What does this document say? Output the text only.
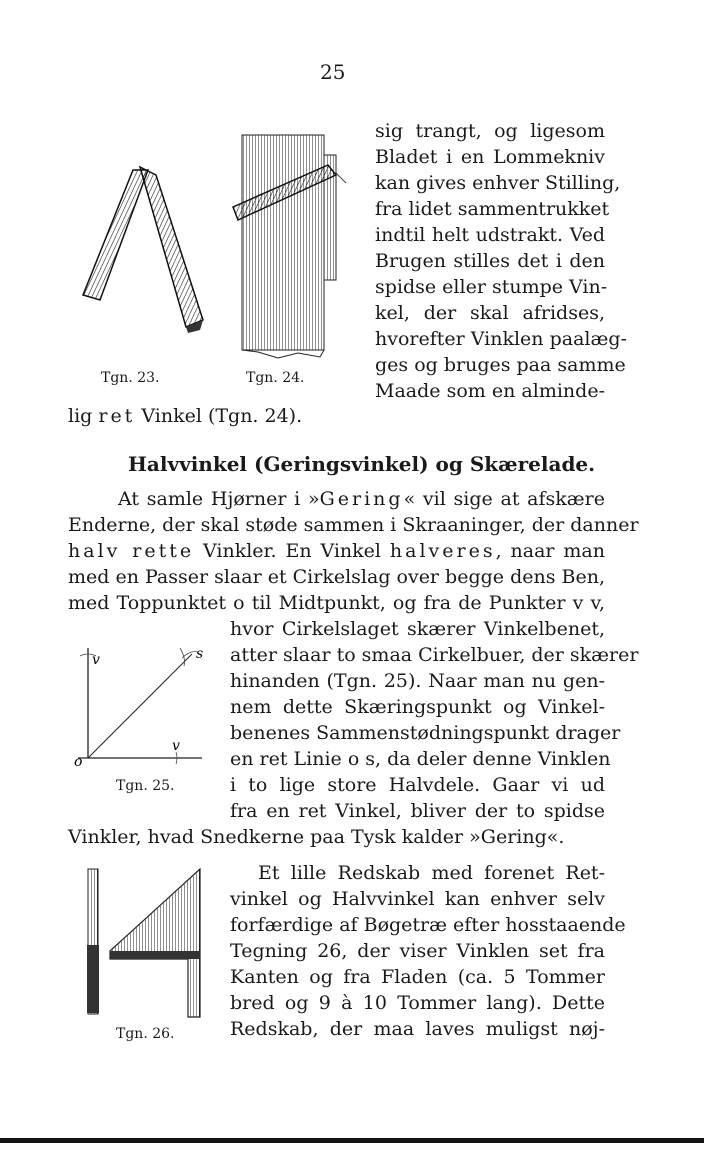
25
Tgn. 23.	Tgn. 24.
sig trangt, og ligesom
Bladet i en Lommekniv
kan gives enhver Stilling,
fra lidet sammentrukket
indtil helt udstrakt. Ved
Brugen stilles det i den
spidse eller stumpe Vin-
kel, der skal afridses,
hvorefter Vinklen paalæg-
ges og bruges paa samme
Maade som en alminde-
lig ret Vinkel (Tgn. 24).
Halvvinkel (Geringsvinkel) og Skærelade.
At samle Hjørner i »Gering« vil sige at afskære
Enderne, der skal støde sammen i Skraaninger, der danner
halv rette Vinkler. En Vinkel halveres, naar man
med en Passer slaar et Cirkelslag over begge dens Ben,
med Toppunktet o til Midtpunkt, og fra de Punkter v v,
v	s
v
o
Tgn. 25.
hvor Cirkelslaget skærer Vinkelbenet,
atter slaar to smaa Cirkelbuer, der skærer
hinanden (Tgn. 25). Naar man nu gen-
nem dette Skæringspunkt og Vinkel-
benenes Sammenstødningspunkt drager
en ret Linie o s, da deler denne Vinklen
i to lige store Halvdele. Gaar vi ud
fra en ret Vinkel, bliver der to spidse
Vinkler, hvad Snedkerne paa Tysk kalder »Gering«.
Tgn. 26.
Et lille Redskab med forenet Ret-
vinkel og Halvvinkel kan enhver selv
forfærdige af Bøgetræ efter hosstaaende
Tegning 26, der viser Vinklen set fra
Kanten og fra Fladen (ca. 5 Tommer
bred og 9 à 10 Tommer lang). Dette
Redskab, der maa laves muligst nøj-
